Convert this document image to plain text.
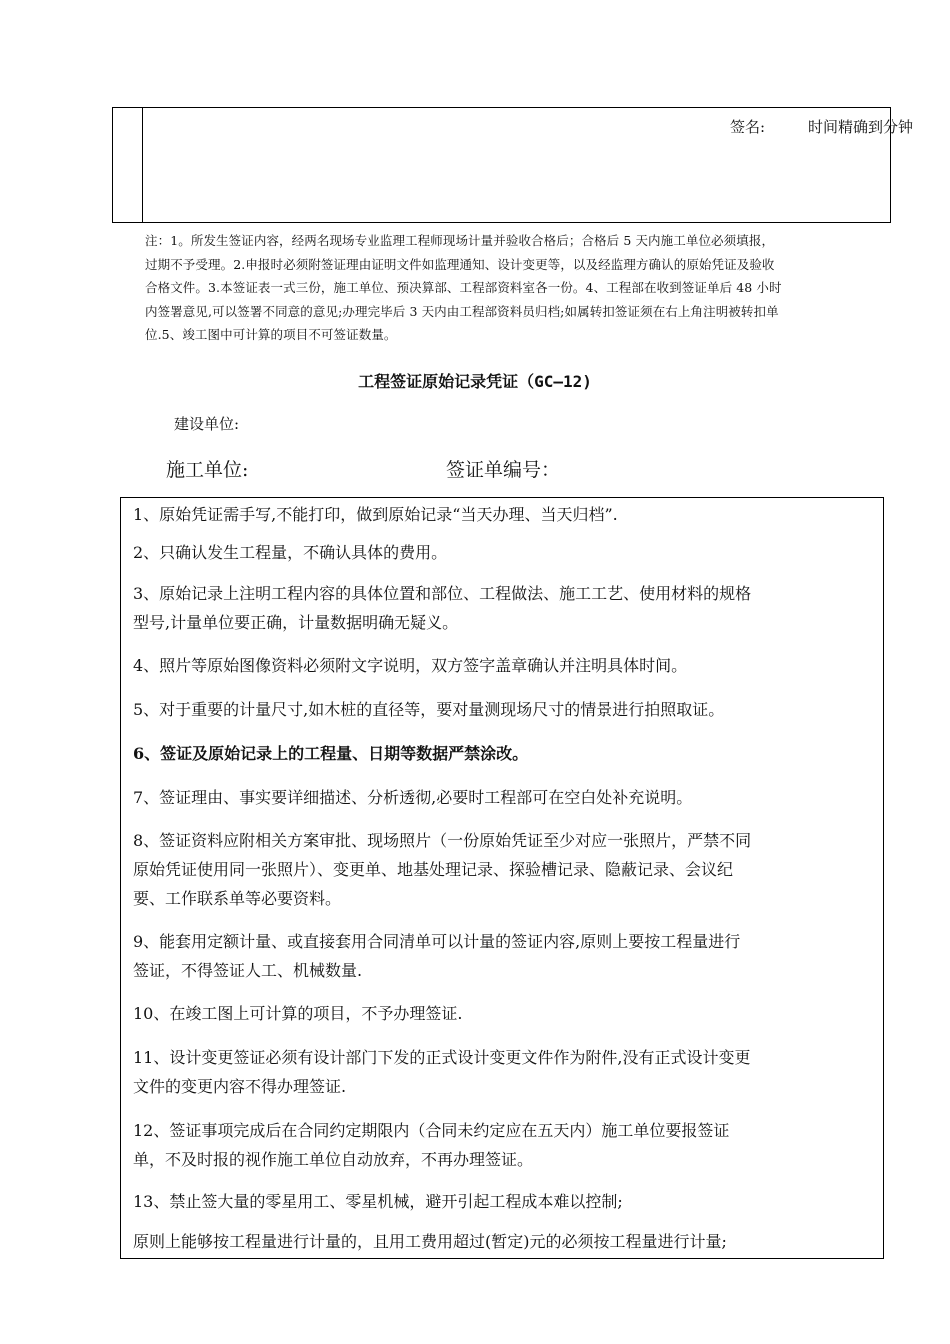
签名:	时间精确到分钟

注：1。所发生签证内容，经两名现场专业监理工程师现场计量并验收合格后；合格后 5 天内施工单位必须填报，

过期不予受理。2.申报时必须附签证理由证明文件如监理通知、设计变更等，以及经监理方确认的原始凭证及验收

合格文件。3.本签证表一式三份，施工单位、预决算部、工程部资料室各一份。4、工程部在收到签证单后 48 小时

内签署意见,可以签署不同意的意见;办理完毕后 3 天内由工程部资料员归档;如属转扣签证须在右上角注明被转扣单

位.5、竣工图中可计算的项目不可签证数量。

工程签证原始记录凭证（GC—12)
建设单位:
施工单位:	签证单编号：
1、原始凭证需手写,不能打印，做到原始记录“当天办理、当天归档”.
2、只确认发生工程量，不确认具体的费用。
3、原始记录上注明工程内容的具体位置和部位、工程做法、施工工艺、使用材料的规格
型号,计量单位要正确，计量数据明确无疑义。
4、照片等原始图像资料必须附文字说明，双方签字盖章确认并注明具体时间。
5、对于重要的计量尺寸,如木桩的直径等，要对量测现场尺寸的情景进行拍照取证。
6、签证及原始记录上的工程量、日期等数据严禁涂改。
7、签证理由、事实要详细描述、分析透彻,必要时工程部可在空白处补充说明。
8、签证资料应附相关方案审批、现场照片（一份原始凭证至少对应一张照片，严禁不同
原始凭证使用同一张照片）、变更单、地基处理记录、探验槽记录、隐蔽记录、会议纪
要、工作联系单等必要资料。
9、能套用定额计量、或直接套用合同清单可以计量的签证内容,原则上要按工程量进行
签证，不得签证人工、机械数量.
10、在竣工图上可计算的项目，不予办理签证.
11、设计变更签证必须有设计部门下发的正式设计变更文件作为附件,没有正式设计变更
文件的变更内容不得办理签证.
12、签证事项完成后在合同约定期限内（合同未约定应在五天内）施工单位要报签证
单，不及时报的视作施工单位自动放弃，不再办理签证。
13、禁止签大量的零星用工、零星机械，避开引起工程成本难以控制;
原则上能够按工程量进行计量的，且用工费用超过(暂定)元的必须按工程量进行计量;
